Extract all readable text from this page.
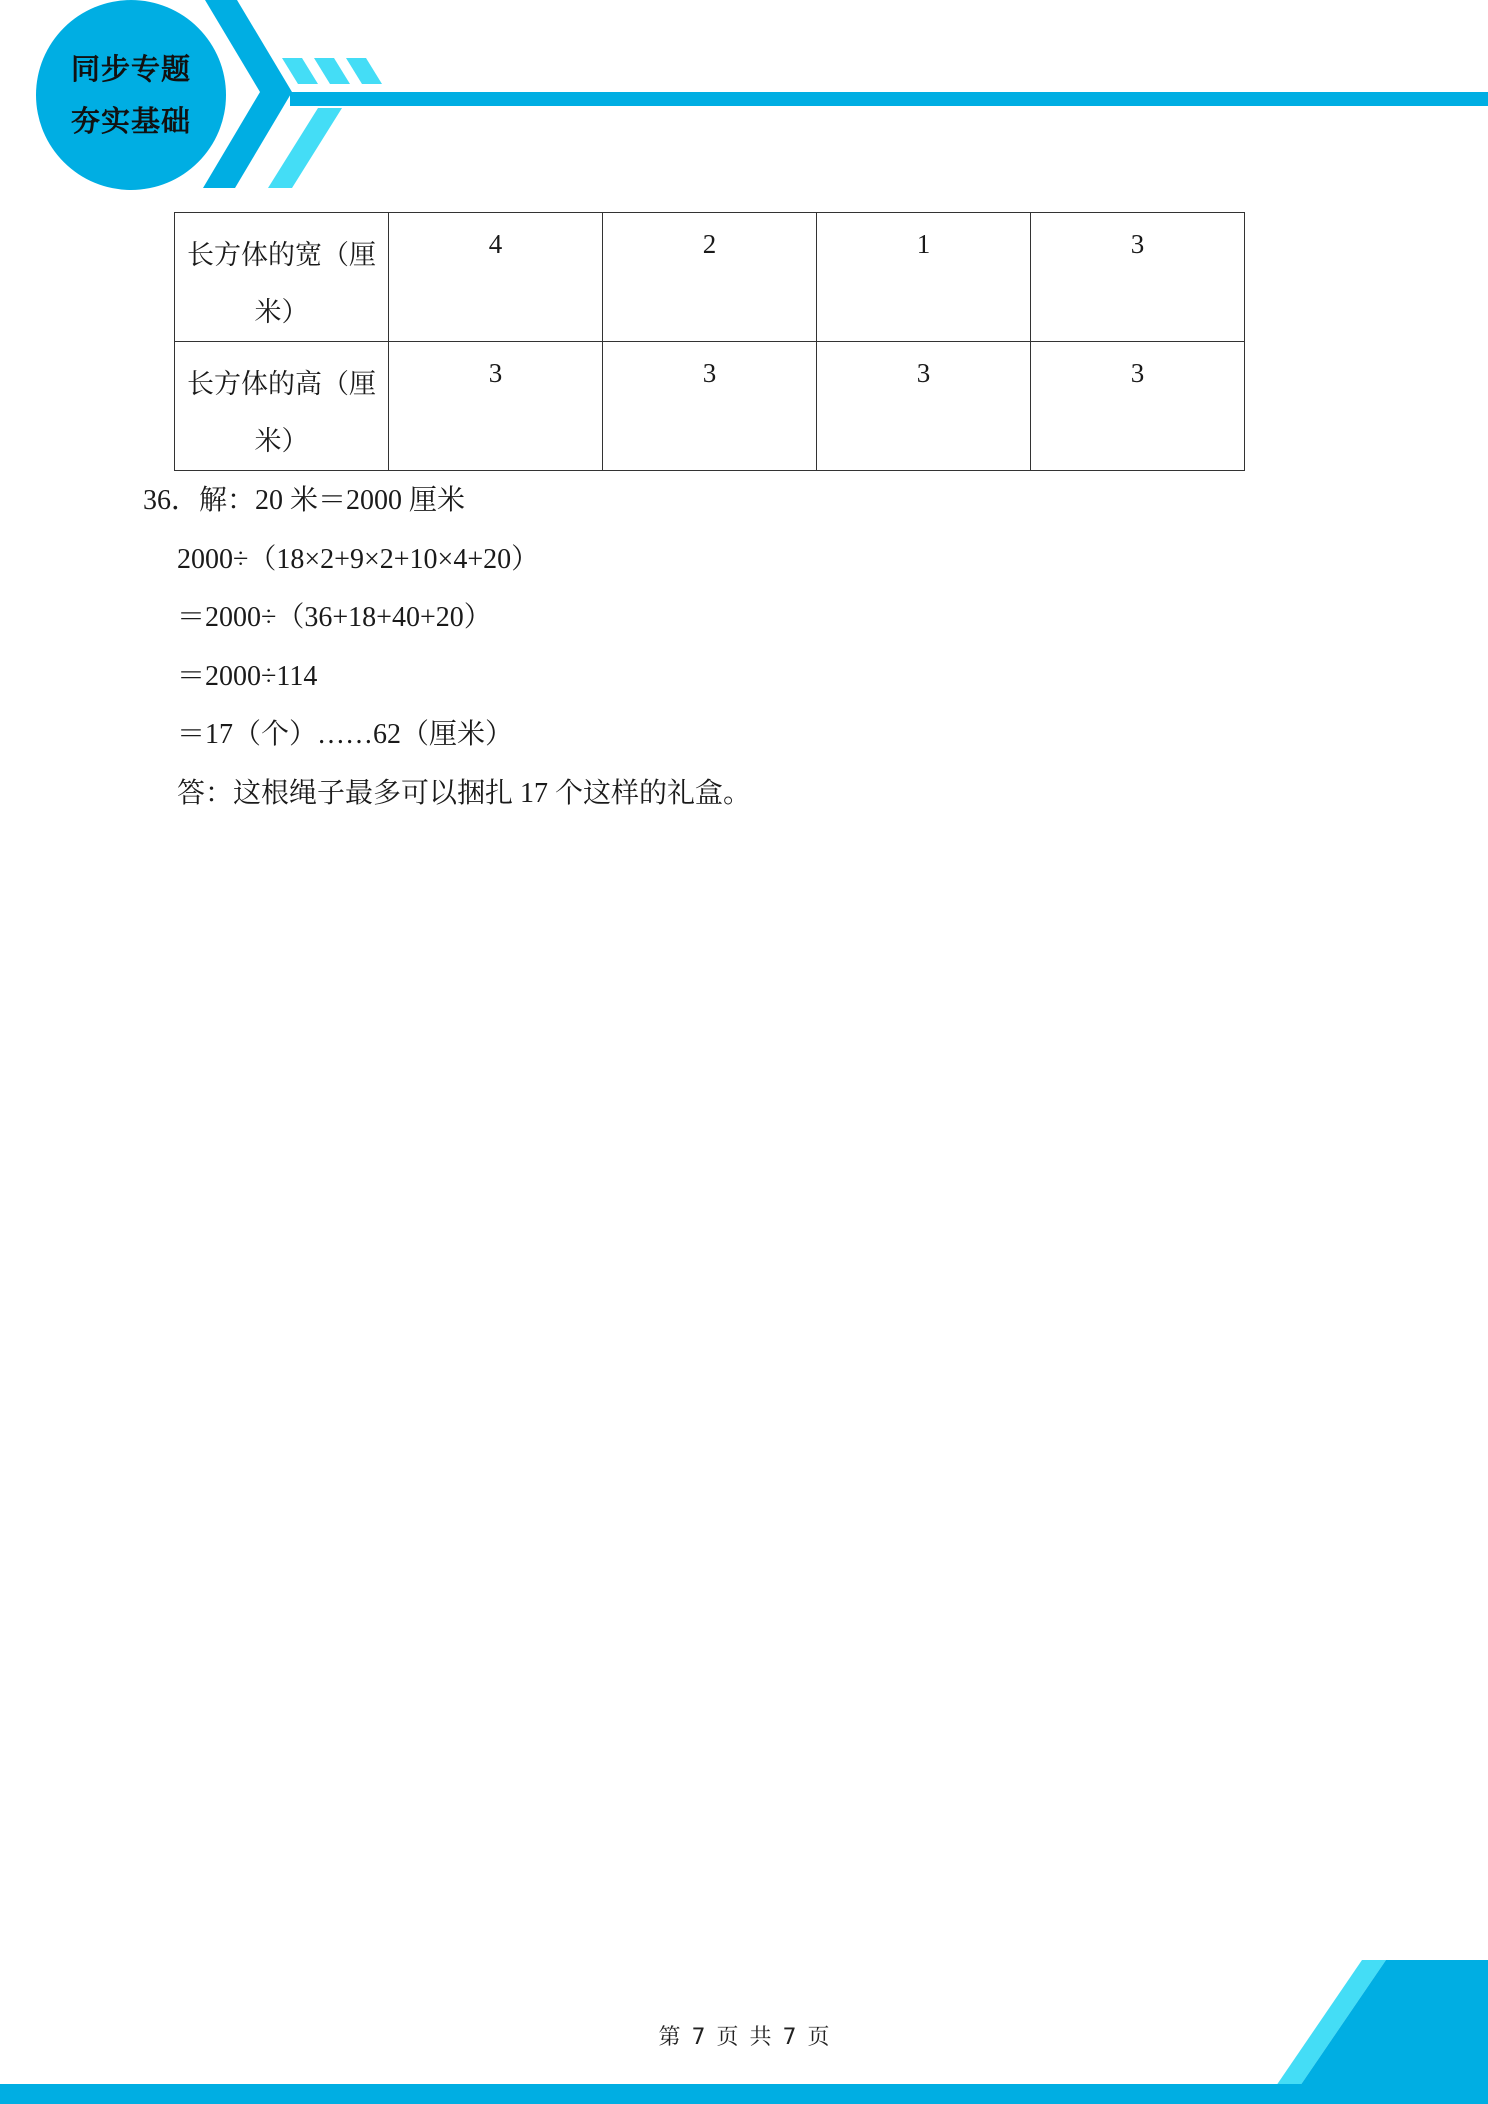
同步专题
夯实基础
长方体的宽（厘米）	4	2	1	3
长方体的高（厘米）	3	3	3	3
36．解：20 米＝2000 厘米
2000÷（18×2+9×2+10×4+20）
＝2000÷（36+18+40+20）
＝2000÷114
＝17（个）……62（厘米）
答：这根绳子最多可以捆扎 17 个这样的礼盒。
第 7 页 共 7 页
